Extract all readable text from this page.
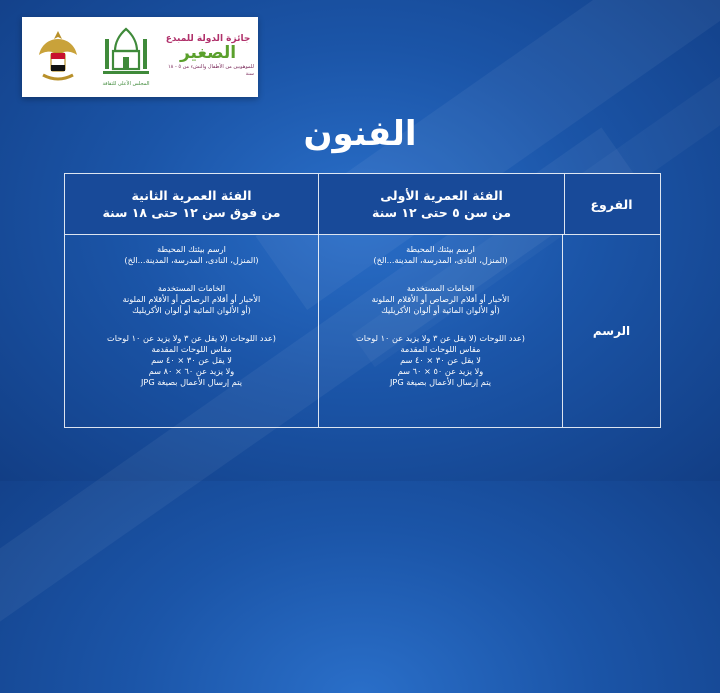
المجلس الأعلى للثقافة
جائزة الدولة للمبدع
الصغير
للموهوبين من الأطفال والنشء من ٥ - ١٨ سنة
الفنون
الفروع
الفئة العمرية الأولى
من سن ٥ حتى ١٢ سنة
الفئة العمرية الثانية
من فوق سن ١٢ حتى ١٨ سنة
الرسم
ارسم بيئتك المحيطة
(المنزل، النادى، المدرسة، المدينة...الخ)
الخامات المستخدمة
الأحبار أو أقلام الرصاص أو الأقلام الملونة
(أو الألوان المائية أو ألوان الأكريليك
(عدد اللوحات (لا يقل عن ٣ ولا يزيد عن ١٠ لوحات
مقاس اللوحات المقدمة
لا يقل عن ٣٠ × ٤٠ سم
ولا يزيد عن ٥٠ × ٦٠ سم
يتم إرسال الأعمال بصيغة JPG
ارسم بيئتك المحيطة
(المنزل، النادى، المدرسة، المدينة...الخ)
الخامات المستخدمة
الأحبار أو أقلام الرصاص أو الأقلام الملونة
(أو الألوان المائية أو ألوان الأكريليك
(عدد اللوحات (لا يقل عن ٣ ولا يزيد عن ١٠ لوحات
مقاس اللوحات المقدمة
لا يقل عن ٣٠ × ٤٠ سم
ولا يزيد عن ٦٠ × ٨٠ سم
يتم إرسال الأعمال بصيغة JPG
